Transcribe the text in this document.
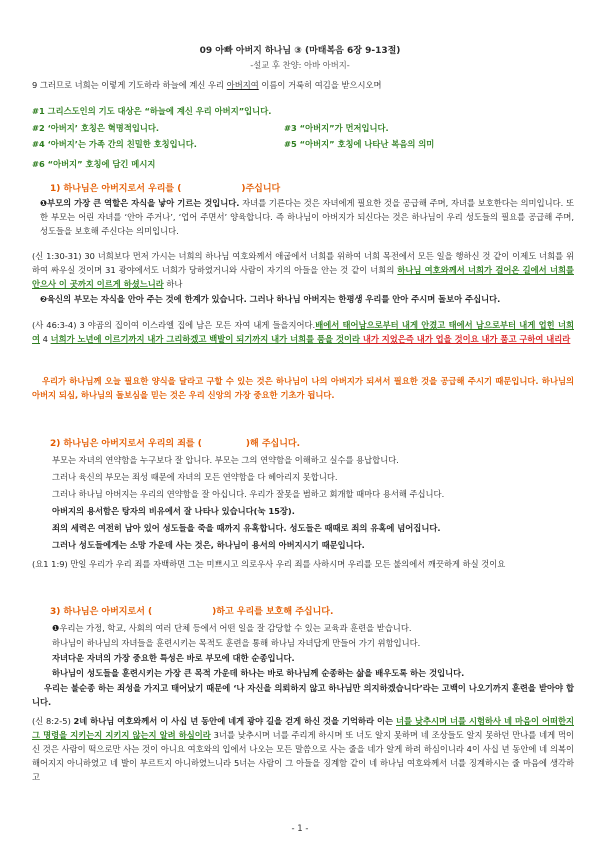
09 아빠 아버지 하나님 ③ (마태복음 6장 9-13절)
-설교 후 찬양: 아바 아버지-
9 그러므로 너희는 이렇게 기도하라 하늘에 계신 우리 아버지여 이름이 거룩히 여김을 받으시오며
#1 그리스도인의 기도 대상은 “하늘에 계신 우리 아버지”입니다.
#2 ‘아버지’ 호칭은 혁명적입니다.	#3 “아버지”가 먼저입니다.
#4 ‘아버지’는 가족 간의 친밀한 호칭입니다.	#5 “아버지” 호칭에 나타난 복음의 의미
#6 “아버지” 호칭에 담긴 메시지
1) 하나님은 아버지로서 우리를 (	)주십니다
❶부모의 가장 큰 역할은 자식을 낳아 기르는 것입니다. 자녀를 기른다는 것은 자녀에게 필요한 것을 공급해 주며, 자녀를 보호한다는 의미입니다. 또한 부모는 어린 자녀를 ‘안아 주거나’, ‘업어 주면서’ 양육합니다. 즉 하나님이 아버지가 되신다는 것은 하나님이 우리 성도들의 필요를 공급해 주며, 성도들을 보호해 주신다는 의미입니다.
(신 1:30-31) 30 너희보다 먼저 가시는 너희의 하나님 여호와께서 애굽에서 너희를 위하여 너희 목전에서 모든 일을 행하신 것 같이 이제도 너희를 위하여 싸우실 것이며 31 광야에서도 너희가 당하였거니와 사람이 자기의 아들을 안는 것 같이 너희의 하나님 여호와께서 너희가 걸어온 길에서 너희를 안으사 이 곳까지 이르게 하셨느니라 하나
❷육신의 부모는 자식을 안아 주는 것에 한계가 있습니다. 그러나 하나님 아버지는 한평생 우리를 안아 주시며 돌보아 주십니다.
(사 46:3-4) 3 야곱의 집이여 이스라엘 집에 남은 모든 자여 내게 들을지어다.배에서 태어남으로부터 내게 안겼고 태에서 남으로부터 내게 업힌 너희여 4 너희가 노년에 이르기까지 내가 그리하겠고 백발이 되기까지 내가 너희를 품을 것이라 내가 지었은즉 내가 업을 것이요 내가 품고 구하여 내리라
우리가 하나님께 오늘 필요한 양식을 달라고 구할 수 있는 것은 하나님이 나의 아버지가 되셔서 필요한 것을 공급해 주시기 때문입니다. 하나님의 아버지 되심, 하나님의 돌보심을 믿는 것은 우리 신앙의 가장 중요한 기초가 됩니다.
2) 하나님은 아버지로서 우리의 죄를 (	)해 주십니다.
부모는 자녀의 연약함을 누구보다 잘 압니다. 부모는 그의 연약함을 이해하고 실수를 용납합니다.
그러나 육신의 부모는 죄성 때문에 자녀의 모든 연약함을 다 헤아리지 못합니다.
그러나 하나님 아버지는 우리의 연약함을 잘 아십니다. 우리가 잘못을 범하고 회개할 때마다 용서해 주십니다.
아버지의 용서함은 탕자의 비유에서 잘 나타나 있습니다(눅 15장).
죄의 세력은 여전히 남아 있어 성도들을 죽을 때까지 유혹합니다. 성도들은 때때로 죄의 유혹에 넘어집니다.
그러나 성도들에게는 소망 가운데 사는 것은, 하나님이 용서의 아버지시기 때문입니다.
(요1 1:9) 만일 우리가 우리 죄를 자백하면 그는 미쁘시고 의로우사 우리 죄를 사하시며 우리를 모든 불의에서 깨끗하게 하실 것이요
3) 하나님은 아버지로서 (	)하고 우리를 보호해 주십니다.
❶우리는 가정, 학교, 사회의 여러 단체 등에서 어떤 일을 잘 감당할 수 있는 교육과 훈련을 받습니다.
하나님이 하나님의 자녀들을 훈련시키는 목적도 훈련을 통해 하나님 자녀답게 만들어 가기 위함입니다.
자녀다운 자녀의 가장 중요한 특성은 바로 부모에 대한 순종입니다.
하나님이 성도들을 훈련시키는 가장 큰 목적 가운데 하나는 바로 하나님께 순종하는 삶을 배우도록 하는 것입니다.
우리는 불순종 하는 죄성을 가지고 태어났기 때문에 ‘나 자신을 의뢰하지 않고 하나님만 의지하겠습니다’라는 고백이 나오기까지 훈련을 받아야 합니다.
(신 8:2-5) 2네 하나님 여호와께서 이 사십 년 동안에 네게 광야 길을 걷게 하신 것을 기억하라 이는 너를 낮추시며 너를 시험하사 네 마음이 어떠한지 그 명령을 지키는지 지키지 않는지 알려 하심이라 3너를 낮추시며 너를 주리게 하시며 또 너도 알지 못하며 네 조상들도 알지 못하던 만나를 네게 먹이신 것은 사람이 떡으로만 사는 것이 아니요 여호와의 입에서 나오는 모든 말씀으로 사는 줄을 네가 알게 하려 하심이니라 4이 사십 년 동안에 네 의복이 해어지지 아니하였고 네 발이 부르트지 아니하였느니라 5너는 사람이 그 아들을 징계함 같이 네 하나님 여호와께서 너를 징계하시는 줄 마음에 생각하고
- 1 -
